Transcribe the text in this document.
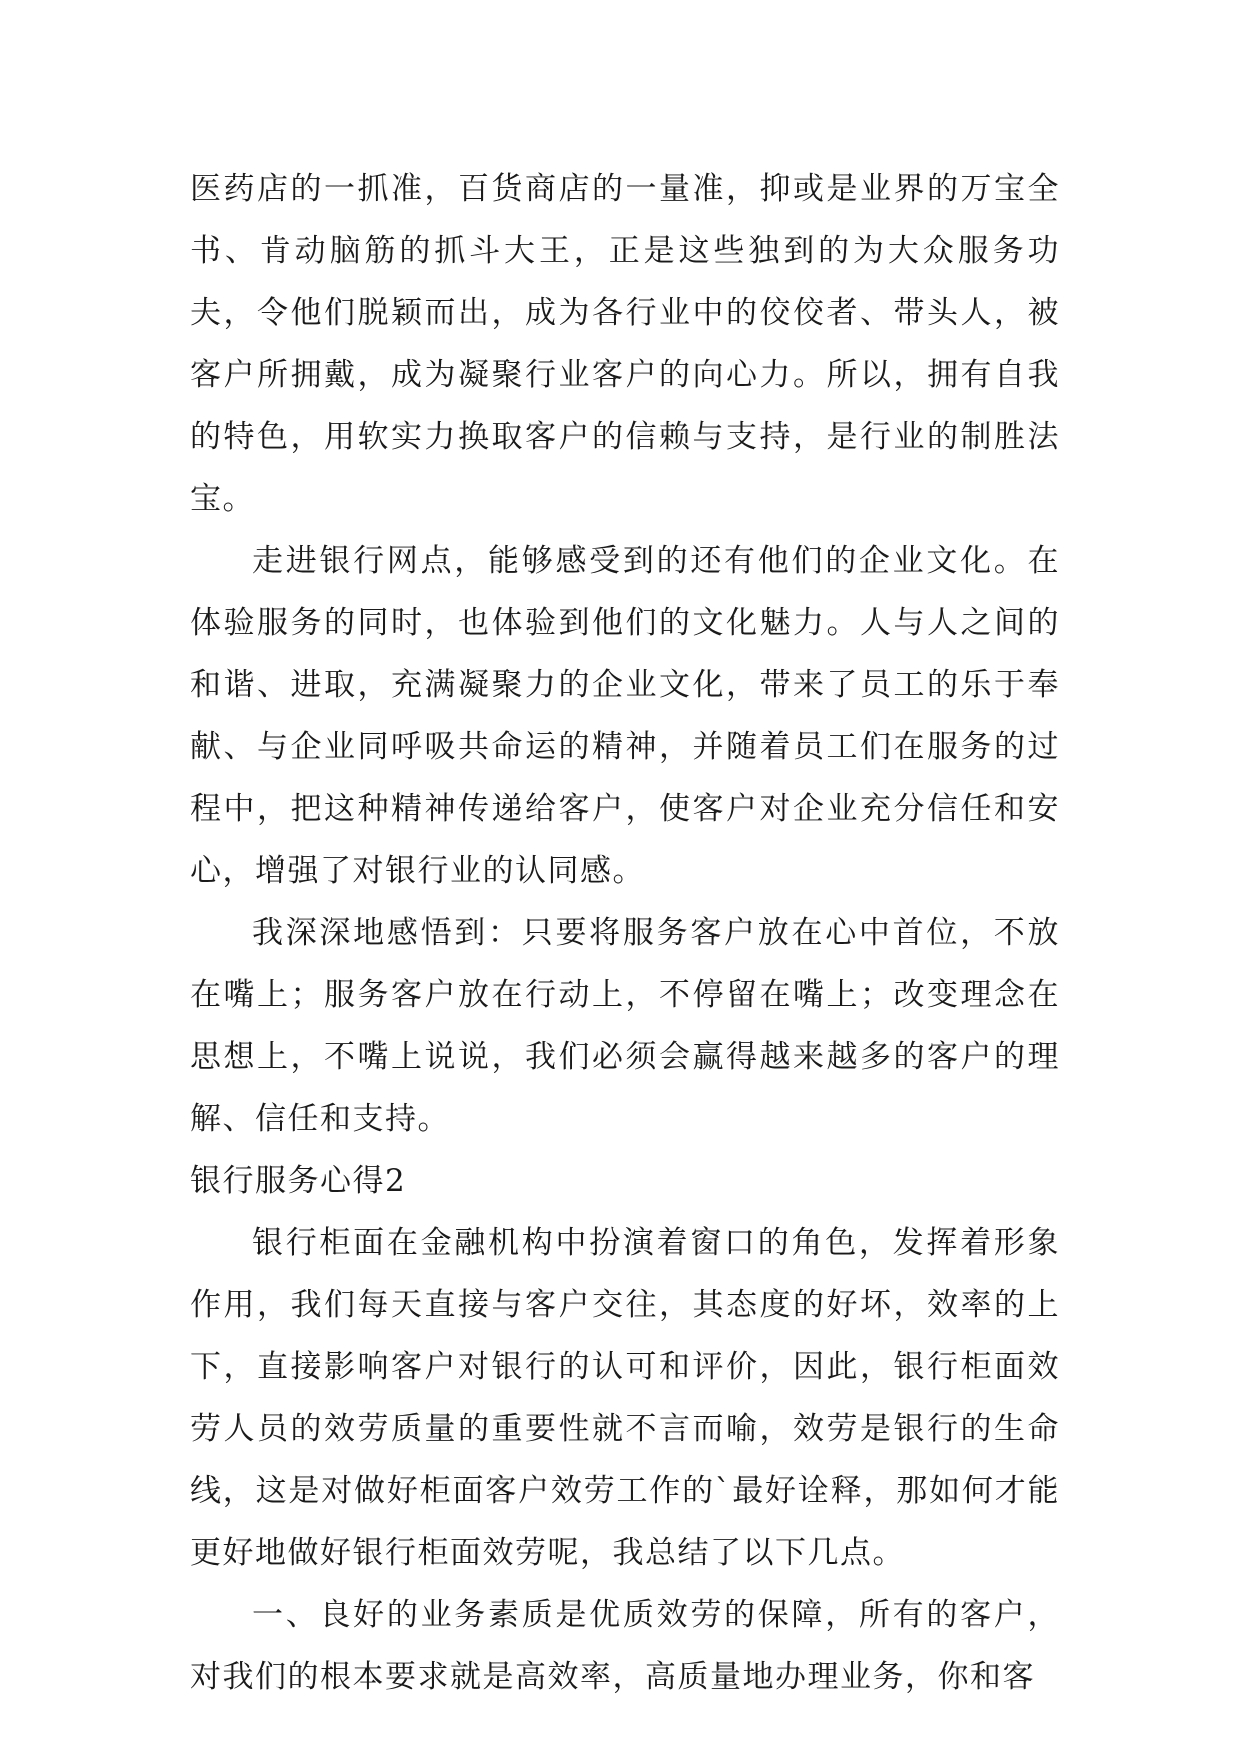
医药店的一抓准，百货商店的一量准，抑或是业界的万宝全书、肯动脑筋的抓斗大王，正是这些独到的为大众服务功夫，令他们脱颖而出，成为各行业中的佼佼者、带头人，被客户所拥戴，成为凝聚行业客户的向心力。所以，拥有自我的特色，用软实力换取客户的信赖与支持，是行业的制胜法宝。

走进银行网点，能够感受到的还有他们的企业文化。在体验服务的同时，也体验到他们的文化魅力。人与人之间的和谐、进取，充满凝聚力的企业文化，带来了员工的乐于奉献、与企业同呼吸共命运的精神，并随着员工们在服务的过程中，把这种精神传递给客户，使客户对企业充分信任和安心，增强了对银行业的认同感。

我深深地感悟到：只要将服务客户放在心中首位，不放在嘴上；服务客户放在行动上，不停留在嘴上；改变理念在思想上，不嘴上说说，我们必须会赢得越来越多的客户的理解、信任和支持。

银行服务心得2

银行柜面在金融机构中扮演着窗口的角色，发挥着形象作用，我们每天直接与客户交往，其态度的好坏，效率的上下，直接影响客户对银行的认可和评价，因此，银行柜面效劳人员的效劳质量的重要性就不言而喻，效劳是银行的生命线，这是对做好柜面客户效劳工作的`最好诠释，那如何才能更好地做好银行柜面效劳呢，我总结了以下几点。

一、良好的业务素质是优质效劳的保障，所有的客户，对我们的根本要求就是高效率，高质量地办理业务，你和客
